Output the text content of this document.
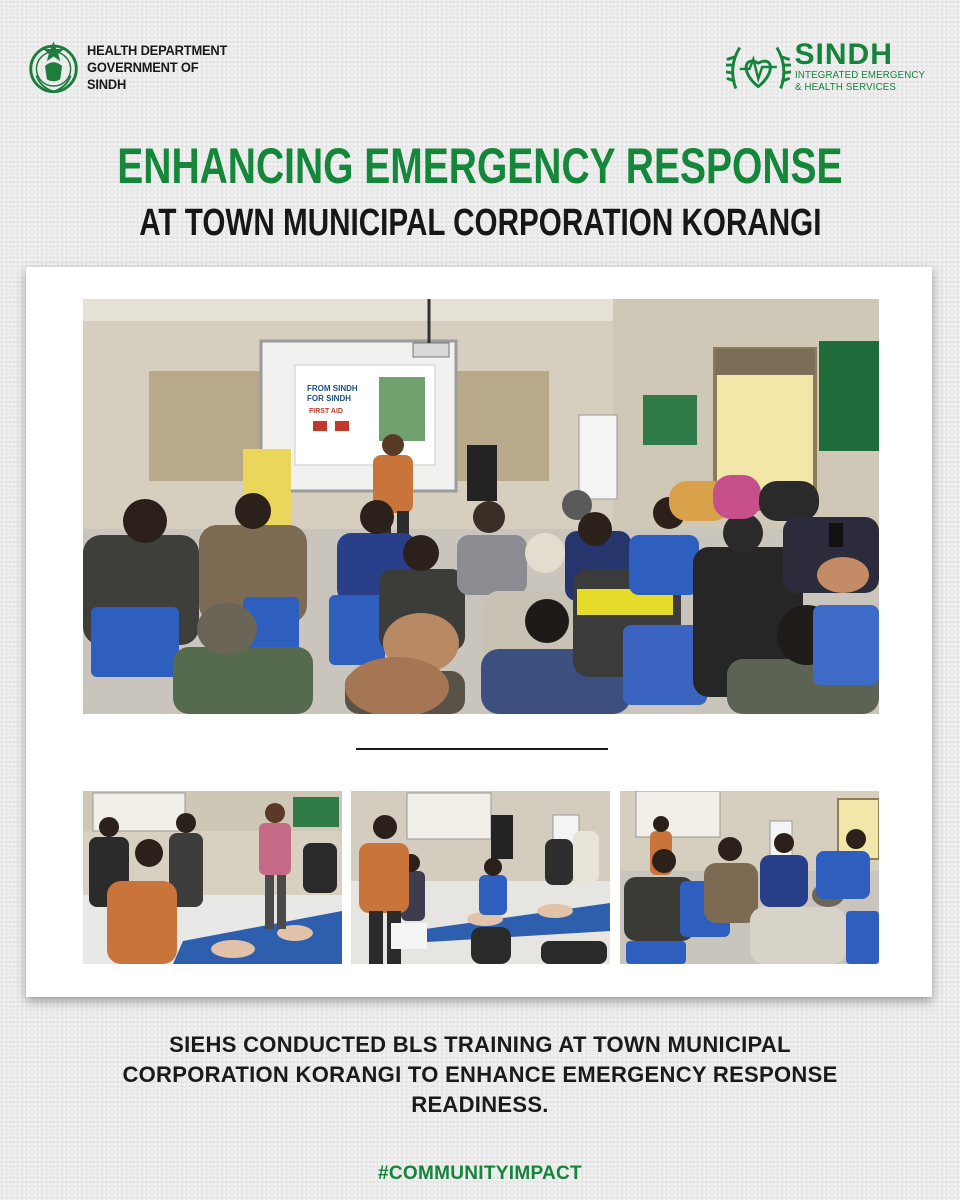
HEALTH DEPARTMENT
GOVERNMENT OF SINDH
SINDH
INTEGRATED EMERGENCY
& HEALTH SERVICES
ENHANCING EMERGENCY RESPONSE
AT TOWN MUNICIPAL CORPORATION KORANGI
FROM SINDH
FOR SINDH
FIRST AID
SIEHS CONDUCTED BLS TRAINING AT TOWN MUNICIPAL CORPORATION KORANGI TO ENHANCE EMERGENCY RESPONSE READINESS.
#COMMUNITYIMPACT
